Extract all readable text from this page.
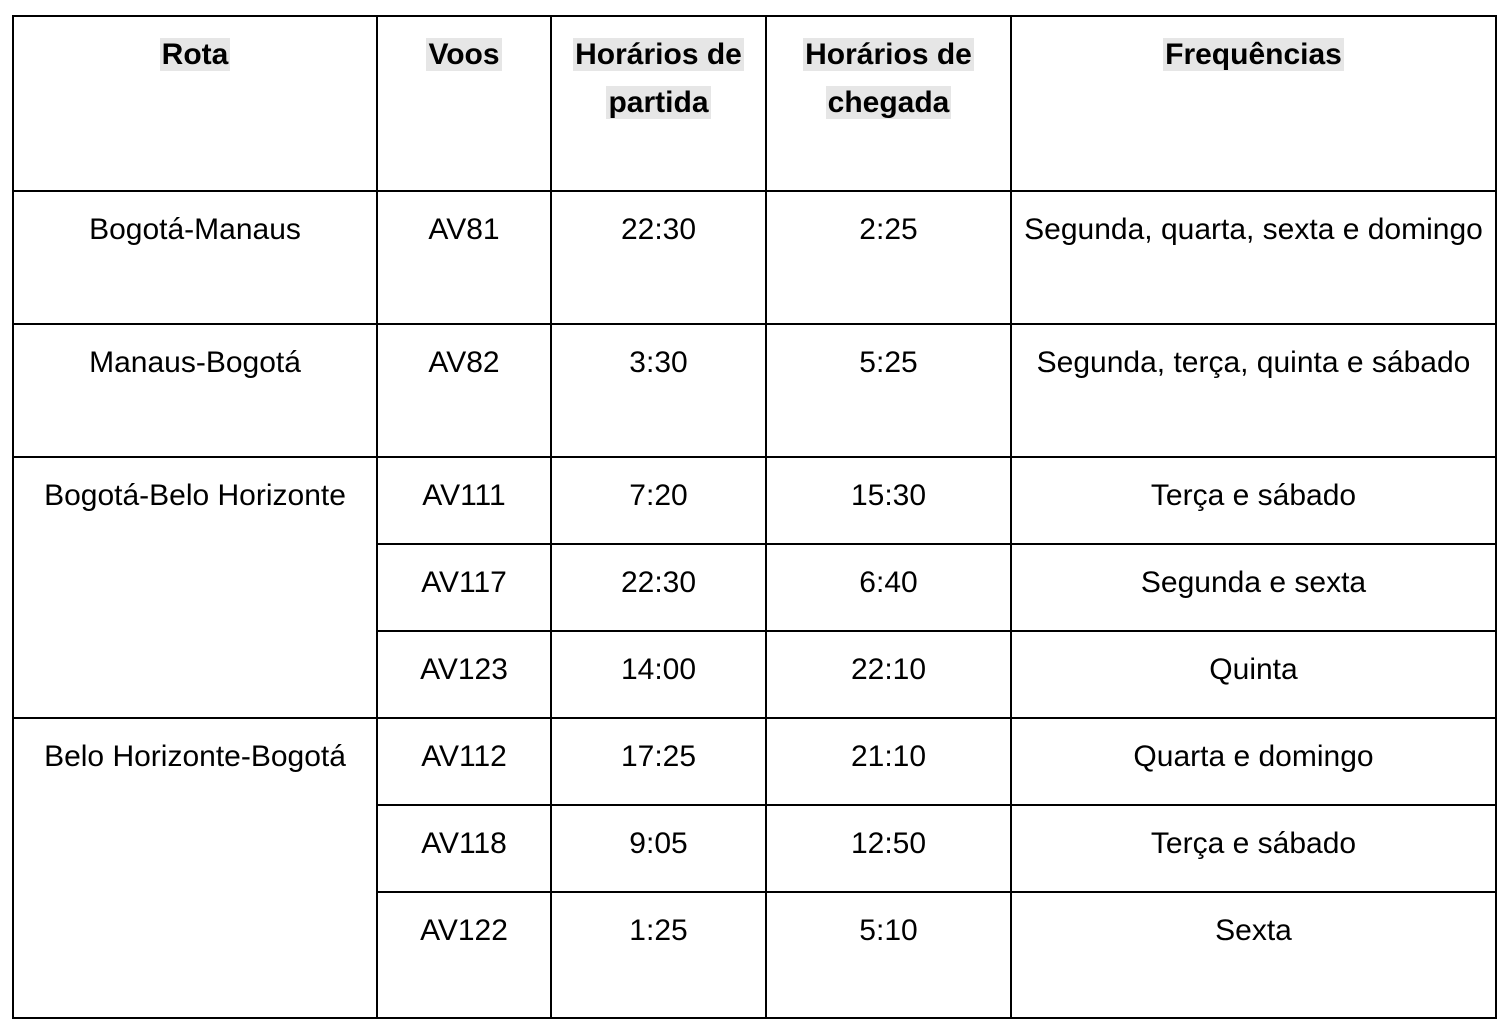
Rota	Voos	Horários de partida	Horários de chegada	Frequências
Bogotá-Manaus	AV81	22:30	2:25	Segunda, quarta, sexta e domingo
Manaus-Bogotá	AV82	3:30	5:25	Segunda, terça, quinta e sábado
Bogotá-Belo Horizonte	AV111	7:20	15:30	Terça e sábado
	AV117	22:30	6:40	Segunda e sexta
	AV123	14:00	22:10	Quinta
Belo Horizonte-Bogotá	AV112	17:25	21:10	Quarta e domingo
	AV118	9:05	12:50	Terça e sábado
	AV122	1:25	5:10	Sexta
